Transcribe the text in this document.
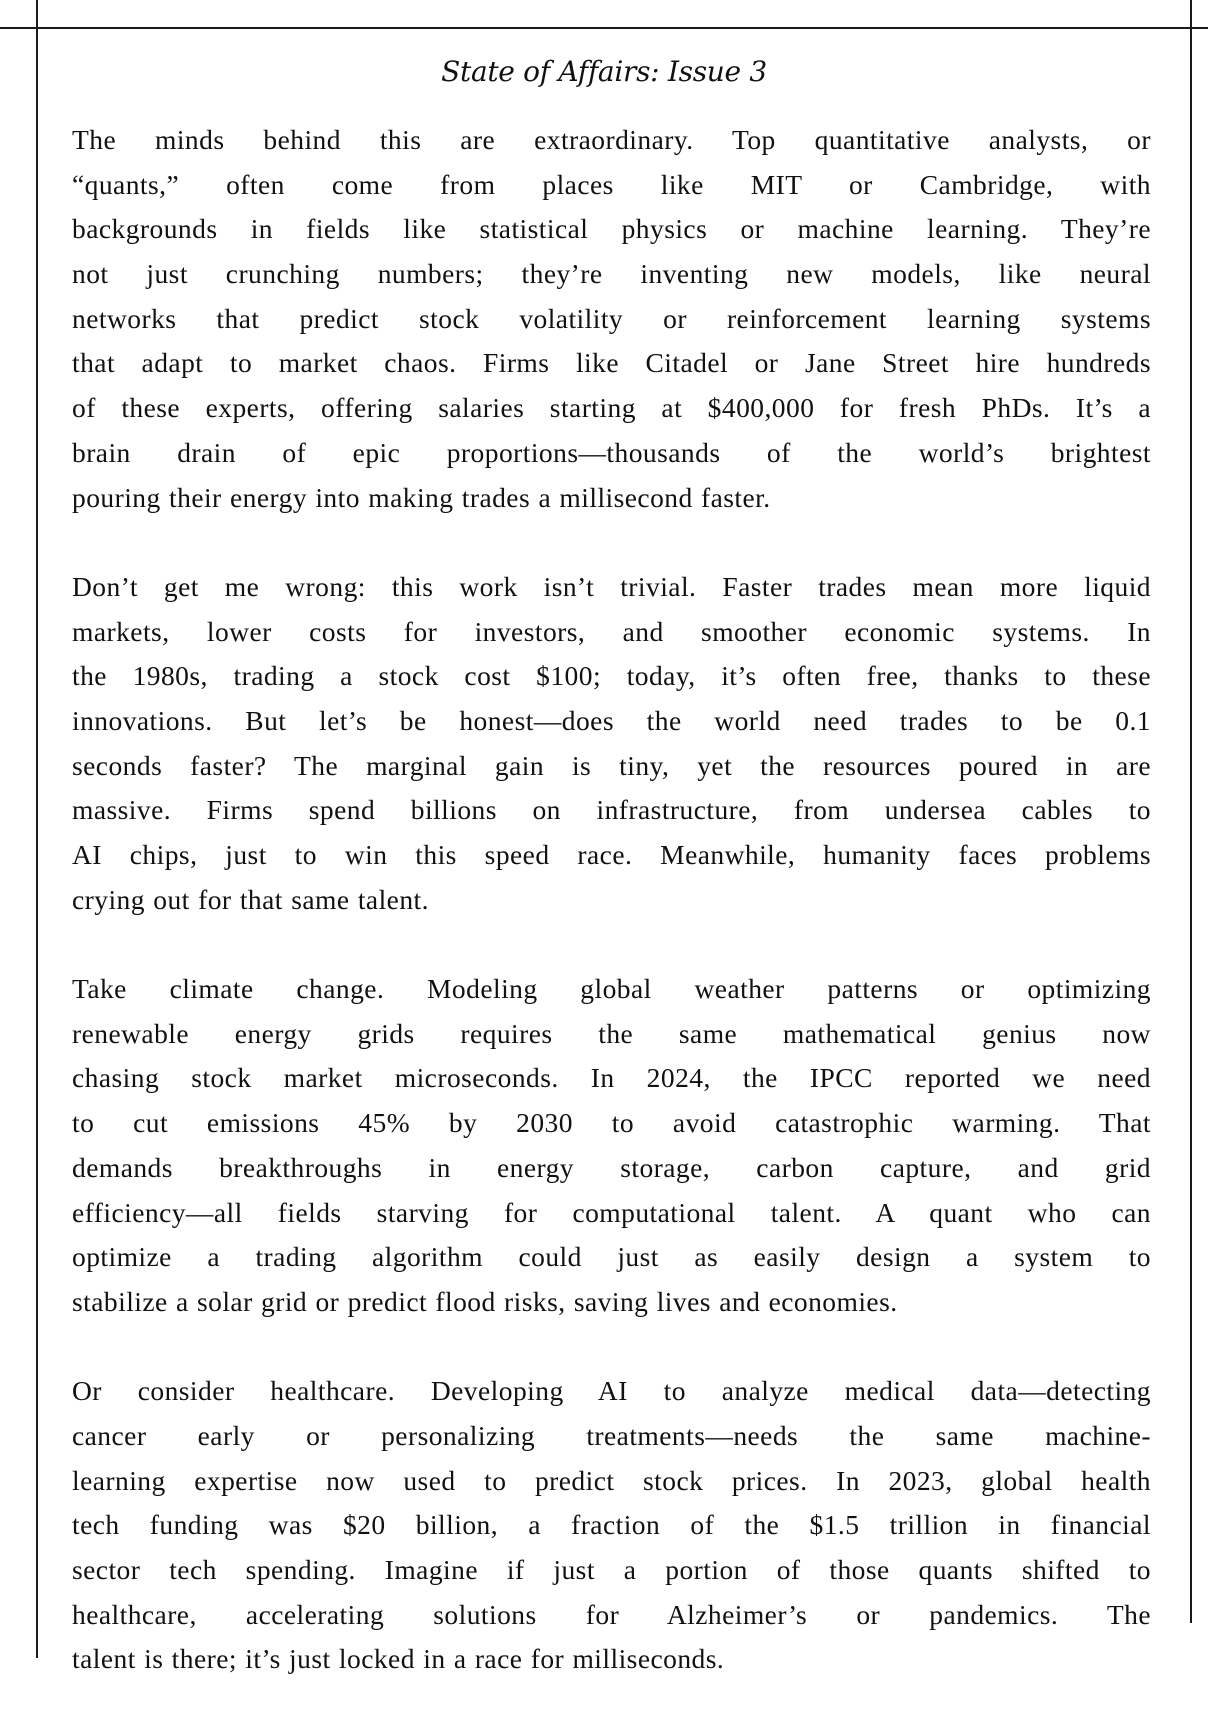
State of Affairs: Issue 3
The minds behind this are extraordinary. Top quantitative analysts, or
“quants,” often come from places like MIT or Cambridge, with
backgrounds in fields like statistical physics or machine learning. They’re
not just crunching numbers; they’re inventing new models, like neural
networks that predict stock volatility or reinforcement learning systems
that adapt to market chaos. Firms like Citadel or Jane Street hire hundreds
of these experts, offering salaries starting at $400,000 for fresh PhDs. It’s a
brain drain of epic proportions—thousands of the world’s brightest
pouring their energy into making trades a millisecond faster.
Don’t get me wrong: this work isn’t trivial. Faster trades mean more liquid
markets, lower costs for investors, and smoother economic systems. In
the 1980s, trading a stock cost $100; today, it’s often free, thanks to these
innovations. But let’s be honest—does the world need trades to be 0.1
seconds faster? The marginal gain is tiny, yet the resources poured in are
massive. Firms spend billions on infrastructure, from undersea cables to
AI chips, just to win this speed race. Meanwhile, humanity faces problems
crying out for that same talent.
Take climate change. Modeling global weather patterns or optimizing
renewable energy grids requires the same mathematical genius now
chasing stock market microseconds. In 2024, the IPCC reported we need
to cut emissions 45% by 2030 to avoid catastrophic warming. That
demands breakthroughs in energy storage, carbon capture, and grid
efficiency—all fields starving for computational talent. A quant who can
optimize a trading algorithm could just as easily design a system to
stabilize a solar grid or predict flood risks, saving lives and economies.
Or consider healthcare. Developing AI to analyze medical data—detecting
cancer early or personalizing treatments—needs the same machine-
learning expertise now used to predict stock prices. In 2023, global health
tech funding was $20 billion, a fraction of the $1.5 trillion in financial
sector tech spending. Imagine if just a portion of those quants shifted to
healthcare, accelerating solutions for Alzheimer’s or pandemics. The
talent is there; it’s just locked in a race for milliseconds.
